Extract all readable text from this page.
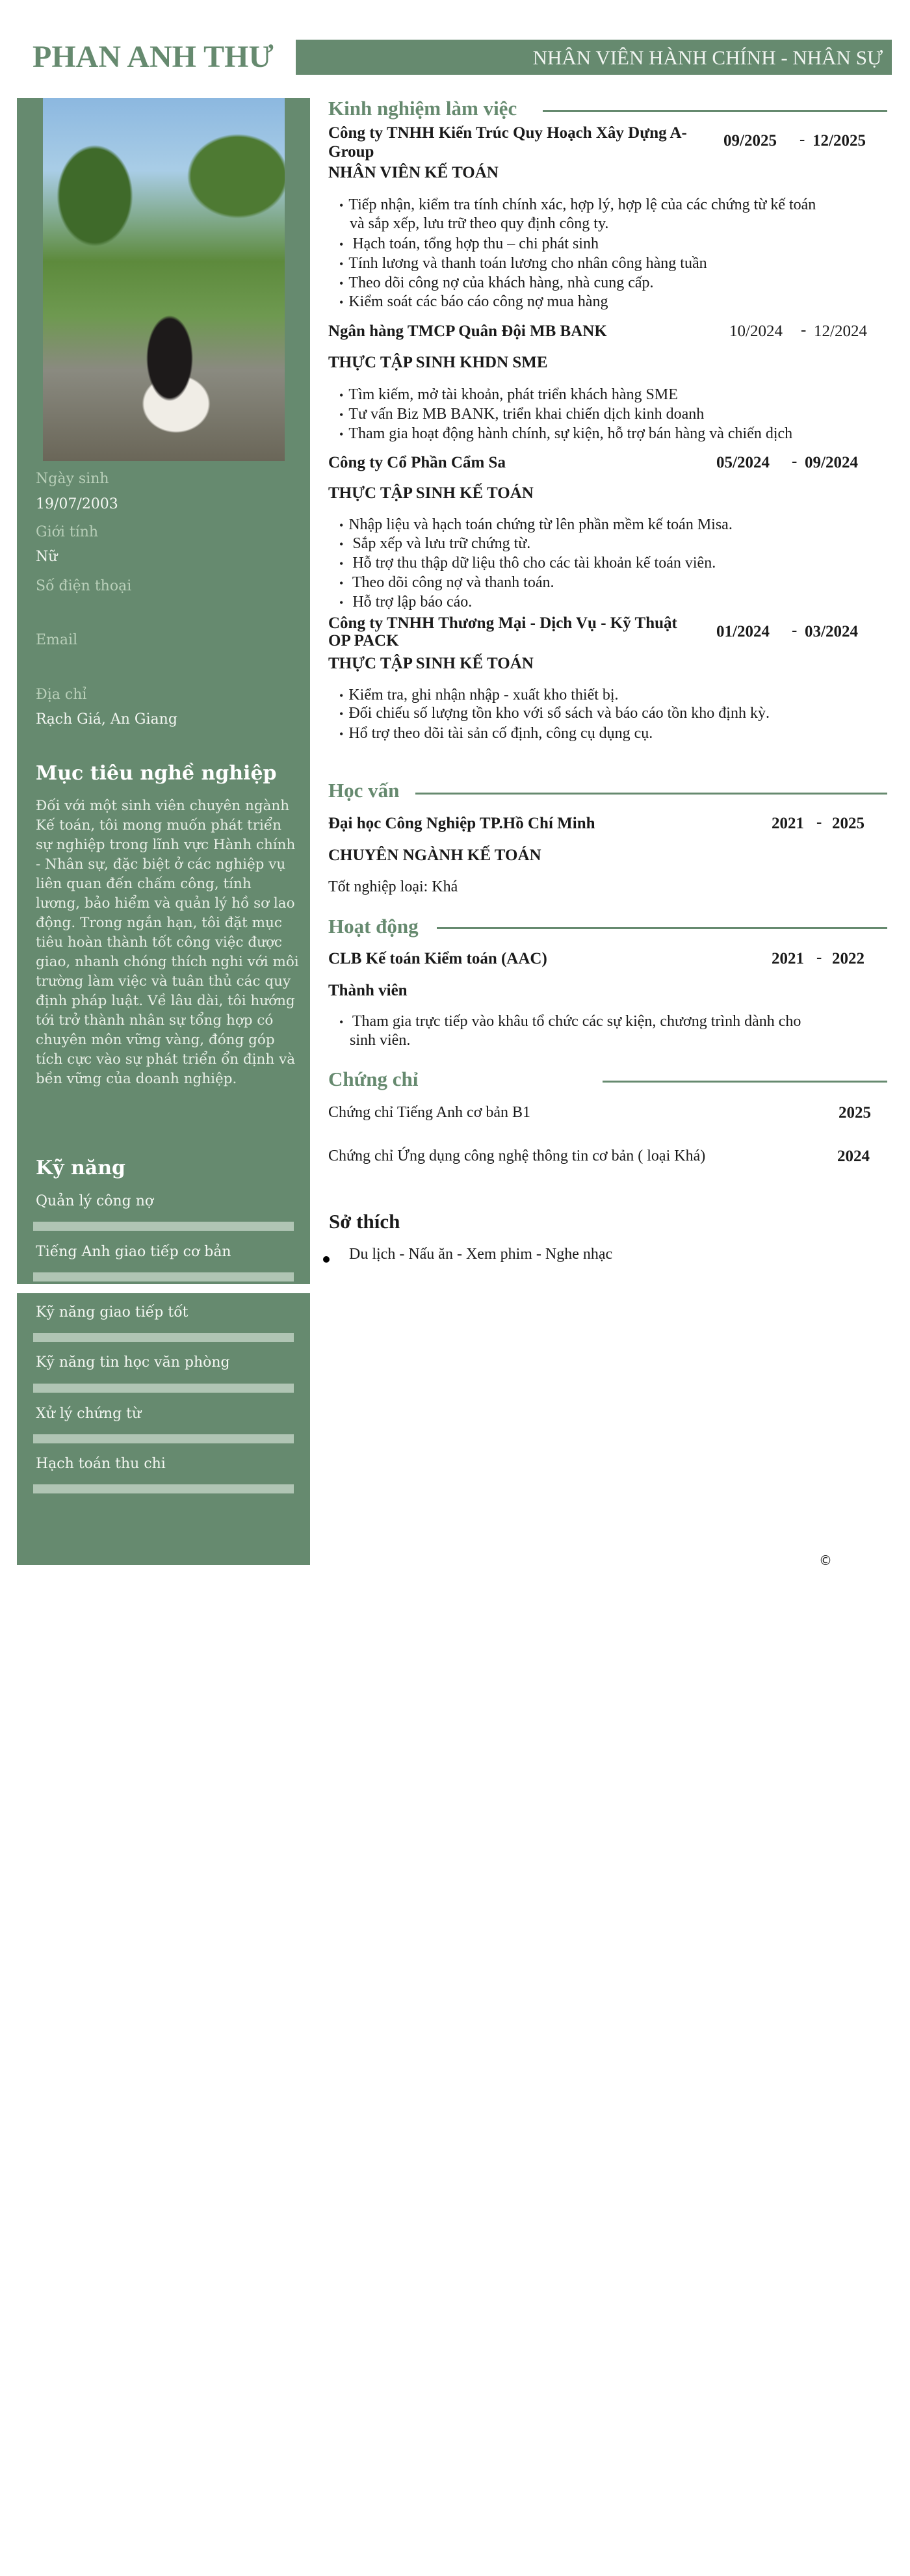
PHAN ANH THƯ	NHÂN VIÊN HÀNH CHÍNH - NHÂN SỰ
Ngày sinh
19/07/2003
Giới tính
Nữ
Số điện thoại
Email
Địa chỉ
Rạch Giá, An Giang
Mục tiêu nghề nghiệp
Đối với một sinh viên chuyên ngành Kế toán, tôi mong muốn phát triển sự nghiệp trong lĩnh vực Hành chính - Nhân sự, đặc biệt ở các nghiệp vụ liên quan đến chấm công, tính lương, bảo hiểm và quản lý hồ sơ lao động. Trong ngắn hạn, tôi đặt mục tiêu hoàn thành tốt công việc được giao, nhanh chóng thích nghi với môi trường làm việc và tuân thủ các quy định pháp luật. Về lâu dài, tôi hướng tới trở thành nhân sự tổng hợp có chuyên môn vững vàng, đóng góp tích cực vào sự phát triển ổn định và bền vững của doanh nghiệp.
Kỹ năng
Quản lý công nợ
Tiếng Anh giao tiếp cơ bản
Kỹ năng giao tiếp tốt
Kỹ năng tin học văn phòng
Xử lý chứng từ
Hạch toán thu chi
Kinh nghiệm làm việc
Công ty TNHH Kiến Trúc Quy Hoạch Xây Dựng A-
Group
09/2025 - 12/2025
NHÂN VIÊN KẾ TOÁN
• Tiếp nhận, kiểm tra tính chính xác, hợp lý, hợp lệ của các chứng từ kế toán
và sắp xếp, lưu trữ theo quy định công ty.
• Hạch toán, tổng hợp thu – chi phát sinh
• Tính lương và thanh toán lương cho nhân công hàng tuần
• Theo dõi công nợ của khách hàng, nhà cung cấp.
• Kiểm soát các báo cáo công nợ mua hàng
Ngân hàng TMCP Quân Đội MB BANK	10/2024 - 12/2024
THỰC TẬP SINH KHDN SME
• Tìm kiếm, mở tài khoản, phát triển khách hàng SME
• Tư vấn Biz MB BANK, triển khai chiến dịch kinh doanh
• Tham gia hoạt động hành chính, sự kiện, hỗ trợ bán hàng và chiến dịch
Công ty Cổ Phần Cẩm Sa	05/2024 - 09/2024
THỰC TẬP SINH KẾ TOÁN
• Nhập liệu và hạch toán chứng từ lên phần mềm kế toán Misa.
• Sắp xếp và lưu trữ chứng từ.
• Hỗ trợ thu thập dữ liệu thô cho các tài khoản kế toán viên.
• Theo dõi công nợ và thanh toán.
• Hỗ trợ lập báo cáo.
Công ty TNHH Thương Mại - Dịch Vụ - Kỹ Thuật
OP PACK
01/2024 - 03/2024
THỰC TẬP SINH KẾ TOÁN
• Kiểm tra, ghi nhận nhập - xuất kho thiết bị.
• Đối chiếu số lượng tồn kho với sổ sách và báo cáo tồn kho định kỳ.
• Hổ trợ theo dõi tài sản cố định, công cụ dụng cụ.
Học vấn
Đại học Công Nghiệp TP.Hồ Chí Minh	2021 - 2025
CHUYÊN NGÀNH KẾ TOÁN
Tốt nghiệp loại: Khá
Hoạt động
CLB Kế toán Kiểm toán (AAC)	2021 - 2022
Thành viên
• Tham gia trực tiếp vào khâu tổ chức các sự kiện, chương trình dành cho
sinh viên.
Chứng chỉ
Chứng chỉ Tiếng Anh cơ bản B1	2025
Chứng chỉ Ứng dụng công nghệ thông tin cơ bản ( loại Khá)	2024
Sở thích
Du lịch - Nấu ăn - Xem phim - Nghe nhạc
©
